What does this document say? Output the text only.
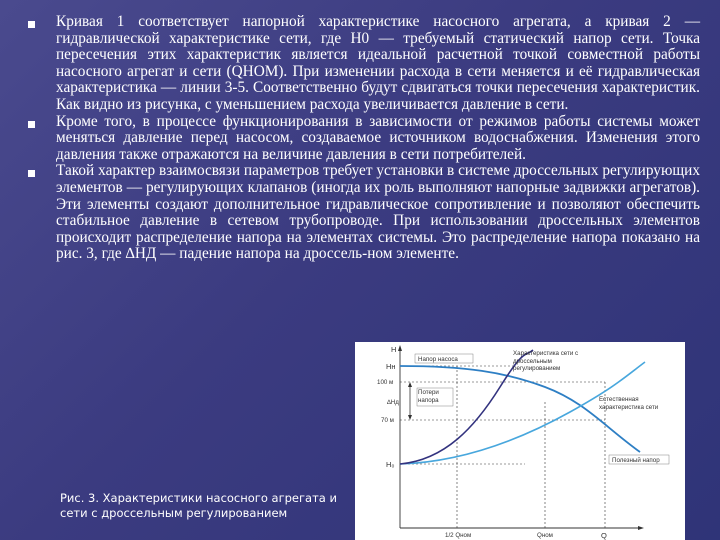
Кривая 1 соответствует напорной характеристике насосного агрегата, а кривая 2 — гидравлической характеристике сети, где H0 — требуемый статический напор сети. Точка пересечения этих характеристик является идеальной расчетной точкой совместной работы насосного агрегат и сети (QНОМ). При изменении расхода в сети меняется и её гидравлическая характеристика — линии 3-5. Соответственно будут сдвигаться точки пересечения характеристик. Как видно из рисунка, с уменьшением расхода увеличивается давление в сети.
Кроме того, в процессе функционирования в зависимости от режимов работы системы может меняться давление перед насосом, создаваемое источником водоснабжения. Изменения этого давления также отражаются на величине давления в сети потребителей.
Такой характер взаимосвязи параметров требует установки в системе дроссельных регулирующих элементов — регулирующих клапанов (иногда их роль выполняют напорные задвижки агрегатов). Эти элементы создают дополнительное гидравлическое сопротивление и позволяют обеспечить стабильное давление в сетевом трубопроводе. При использовании дроссельных элементов происходит распределение напора на элементах системы. Это распределение напора показано на рис. 3, где ∆НД — падение напора на дроссель-ном элементе.
H
Hн
100 м
∆Hд
70 м
H₀
Напор насоса
Потери напора
Характеристика сети с дроссельным регулированием
Естественная характеристика сети
Полезный напор
1/2 Qном	Qном	Q
Рис. 3. Характеристики насосного агрегата и сети с дроссельным регулированием
